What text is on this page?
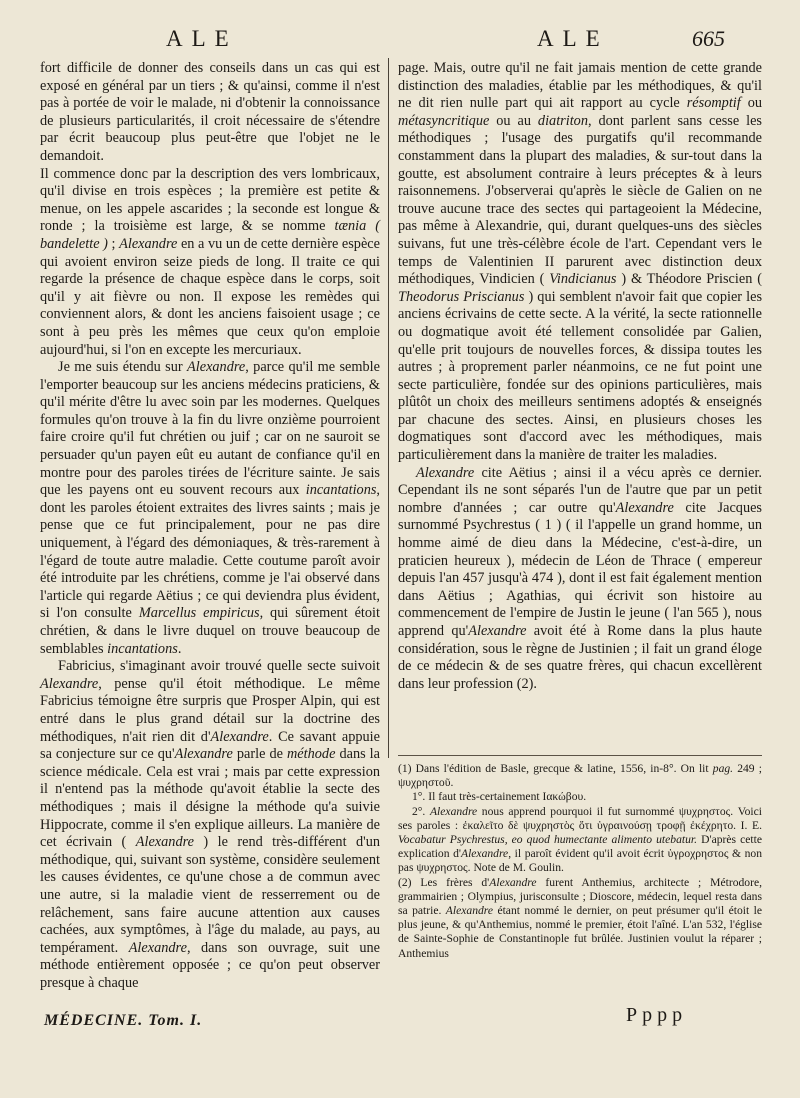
ALE	ALE	665

fort difficile de donner des conseils dans un cas qui est exposé en général par un tiers ; & qu'ainsi, comme il n'est pas à portée de voir le malade, ni d'obtenir la connoissance de plusieurs particularités, il croit nécessaire de s'étendre par écrit beaucoup plus peut-être que l'objet ne le demandoit.

Il commence donc par la description des vers lombricaux, qu'il divise en trois espèces ; la première est petite & menue, on les appele ascarides ; la seconde est longue & ronde ; la troisième est large, & se nomme tænia ( bandelette ) ; Alexandre en a vu un de cette dernière espèce qui avoient environ seize pieds de long. Il traite ce qui regarde la présence de chaque espèce dans le corps, soit qu'il y ait fièvre ou non. Il expose les remèdes qui conviennent alors, & dont les anciens faisoient usage ; ce sont à peu près les mêmes que ceux qu'on emploie aujourd'hui, si l'on en excepte les mercuriaux.

Je me suis étendu sur Alexandre, parce qu'il me semble l'emporter beaucoup sur les anciens médecins praticiens, & qu'il mérite d'être lu avec soin par les modernes. Quelques formules qu'on trouve à la fin du livre onzième pourroient faire croire qu'il fut chrétien ou juif ; car on ne sauroit se persuader qu'un payen eût eu autant de confiance qu'il en montre pour des paroles tirées de l'écriture sainte. Je sais que les payens ont eu souvent recours aux incantations, dont les paroles étoient extraites des livres saints ; mais je pense que ce fut principalement, pour ne pas dire uniquement, à l'égard des démoniaques, & très-rarement à l'égard de toute autre maladie. Cette coutume paroît avoir été introduite par les chrétiens, comme je l'ai observé dans l'article qui regarde Aëtius ; ce qui deviendra plus évident, si l'on consulte Marcellus empiricus, qui sûrement étoit chrétien, & dans le livre duquel on trouve beaucoup de semblables incantations.

Fabricius, s'imaginant avoir trouvé quelle secte suivoit Alexandre, pense qu'il étoit méthodique. Le même Fabricius témoigne être surpris que Prosper Alpin, qui est entré dans le plus grand détail sur la doctrine des méthodiques, n'ait rien dit d'Alexandre. Ce savant appuie sa conjecture sur ce qu'Alexandre parle de méthode dans la science médicale. Cela est vrai ; mais par cette expression il n'entend pas la méthode qu'avoit établie la secte des méthodiques ; mais il désigne la méthode qu'a suivie Hippocrate, comme il s'en explique ailleurs. La manière de cet écrivain ( Alexandre ) le rend très-différent d'un méthodique, qui, suivant son système, considère seulement les causes évidentes, ce qu'une chose a de commun avec une autre, si la maladie vient de resserrement ou de relâchement, sans faire aucune attention aux causes cachées, aux symptômes, à l'âge du malade, au pays, au tempérament. Alexandre, dans son ouvrage, suit une méthode entièrement opposée ; ce qu'on peut observer presque à chaque

page. Mais, outre qu'il ne fait jamais mention de cette grande distinction des maladies, établie par les méthodiques, & qu'il ne dit rien nulle part qui ait rapport au cycle résomptif ou métasyncritique ou au diatriton, dont parlent sans cesse les méthodiques ; l'usage des purgatifs qu'il recommande constamment dans la plupart des maladies, & sur-tout dans la goutte, est absolument contraire à leurs préceptes & à leurs raisonnemens. J'observerai qu'après le siècle de Galien on ne trouve aucune trace des sectes qui partageoient la Médecine, pas même à Alexandrie, qui, durant quelques-uns des siècles suivans, fut une très-célèbre école de l'art. Cependant vers le temps de Valentinien II parurent avec distinction deux méthodiques, Vindicien ( Vindicianus ) & Théodore Priscien ( Theodorus Priscianus ) qui semblent n'avoir fait que copier les anciens écrivains de cette secte. A la vérité, la secte rationnelle ou dogmatique avoit été tellement consolidée par Galien, qu'elle prit toujours de nouvelles forces, & dissipa toutes les autres ; à proprement parler néanmoins, ce ne fut point une secte particulière, fondée sur des opinions particulières, mais plûtôt un choix des meilleurs sentimens adoptés & enseignés par chacune des sectes. Ainsi, en plusieurs choses les dogmatiques sont d'accord avec les méthodiques, mais particulièrement dans la manière de traiter les maladies.

Alexandre cite Aëtius ; ainsi il a vécu après ce dernier. Cependant ils ne sont séparés l'un de l'autre que par un petit nombre d'années ; car outre qu'Alexandre cite Jacques surnommé Psychrestus ( 1 ) ( il l'appelle un grand homme, un homme aimé de dieu dans la Médecine, c'est-à-dire, un praticien heureux ), médecin de Léon de Thrace ( empereur depuis l'an 457 jusqu'à 474 ), dont il est fait également mention dans Aëtius ; Agathias, qui écrivit son histoire au commencement de l'empire de Justin le jeune ( l'an 565 ), nous apprend qu'Alexandre avoit été à Rome dans la plus haute considération, sous le règne de Justinien ; il fait un grand éloge de ce médecin & de ses quatre frères, qui chacun excellèrent dans leur profession (2).

(1) Dans l'édition de Basle, grecque & latine, 1556, in-8°. On lit pag. 249 ; ψυχρηστοῦ.

1°. Il faut très-certainement Ιακώβου.

2°. Alexandre nous apprend pourquoi il fut surnommé ψυχρηστος. Voici ses paroles : ἐκαλεῖτο δὲ ψυχρηστὸς ὅτι ὑγραινούσῃ τροφῇ ἐκέχρητο. I. E. Vocabatur Psychrestus, eo quod humectante alimento utebatur. D'après cette explication d'Alexandre, il paroît évident qu'il avoit écrit ὑγροχρηστος & non pas ψυχρηστος. Note de M. Goulin.

(2) Les frères d'Alexandre furent Anthemius, architecte ; Métrodore, grammairien ; Olympius, jurisconsulte ; Dioscore, médecin, lequel resta dans sa patrie. Alexandre étant nommé le dernier, on peut présumer qu'il étoit le plus jeune, & qu'Anthemius, nommé le premier, étoit l'aîné. L'an 532, l'église de Sainte-Sophie de Constantinople fut brûlée. Justinien voulut la réparer ; Anthemius

MÉDECINE. Tom. I.	Pppp
